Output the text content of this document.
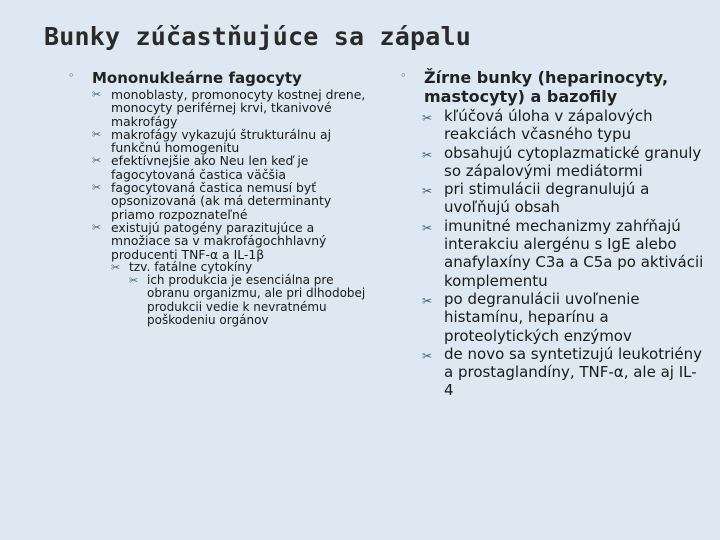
Bunky zúčastňujúce sa zápalu
◦ Mononukleárne fagocyty
✂ monoblasty, promonocyty kostnej drene, monocyty periférnej krvi, tkanivové makrofágy
✂ makrofágy vykazujú štrukturálnu aj funkčnú homogenitu
✂ efektívnejšie ako Neu len keď je fagocytovaná častica väčšia
✂ fagocytovaná častica nemusí byť opsonizovaná (ak má determinanty priamo rozpoznateľné
✂ existujú patogény parazitujúce a množiace sa v makrofágochhlavný producenti TNF-α a IL-1β
✂ tzv. fatálne cytokíny
✂ ich produkcia je esenciálna pre obranu organizmu, ale pri dlhodobej produkcii vedie k nevratnému poškodeniu orgánov
◦ Žírne bunky (heparinocyty, mastocyty) a bazofily
✂ kľúčová úloha v zápalových reakciách včasného typu
✂ obsahujú cytoplazmatické granuly so zápalovými mediátormi
✂ pri stimulácii degranulujú a uvoľňujú obsah
✂ imunitné mechanizmy zahŕňajú interakciu alergénu s IgE alebo anafylaxíny C3a a C5a po aktivácii komplementu
✂ po degranulácii uvoľnenie histamínu, heparínu a proteolytických enzýmov
✂ de novo sa syntetizujú leukotriény a prostaglandíny, TNF-α, ale aj IL-4
